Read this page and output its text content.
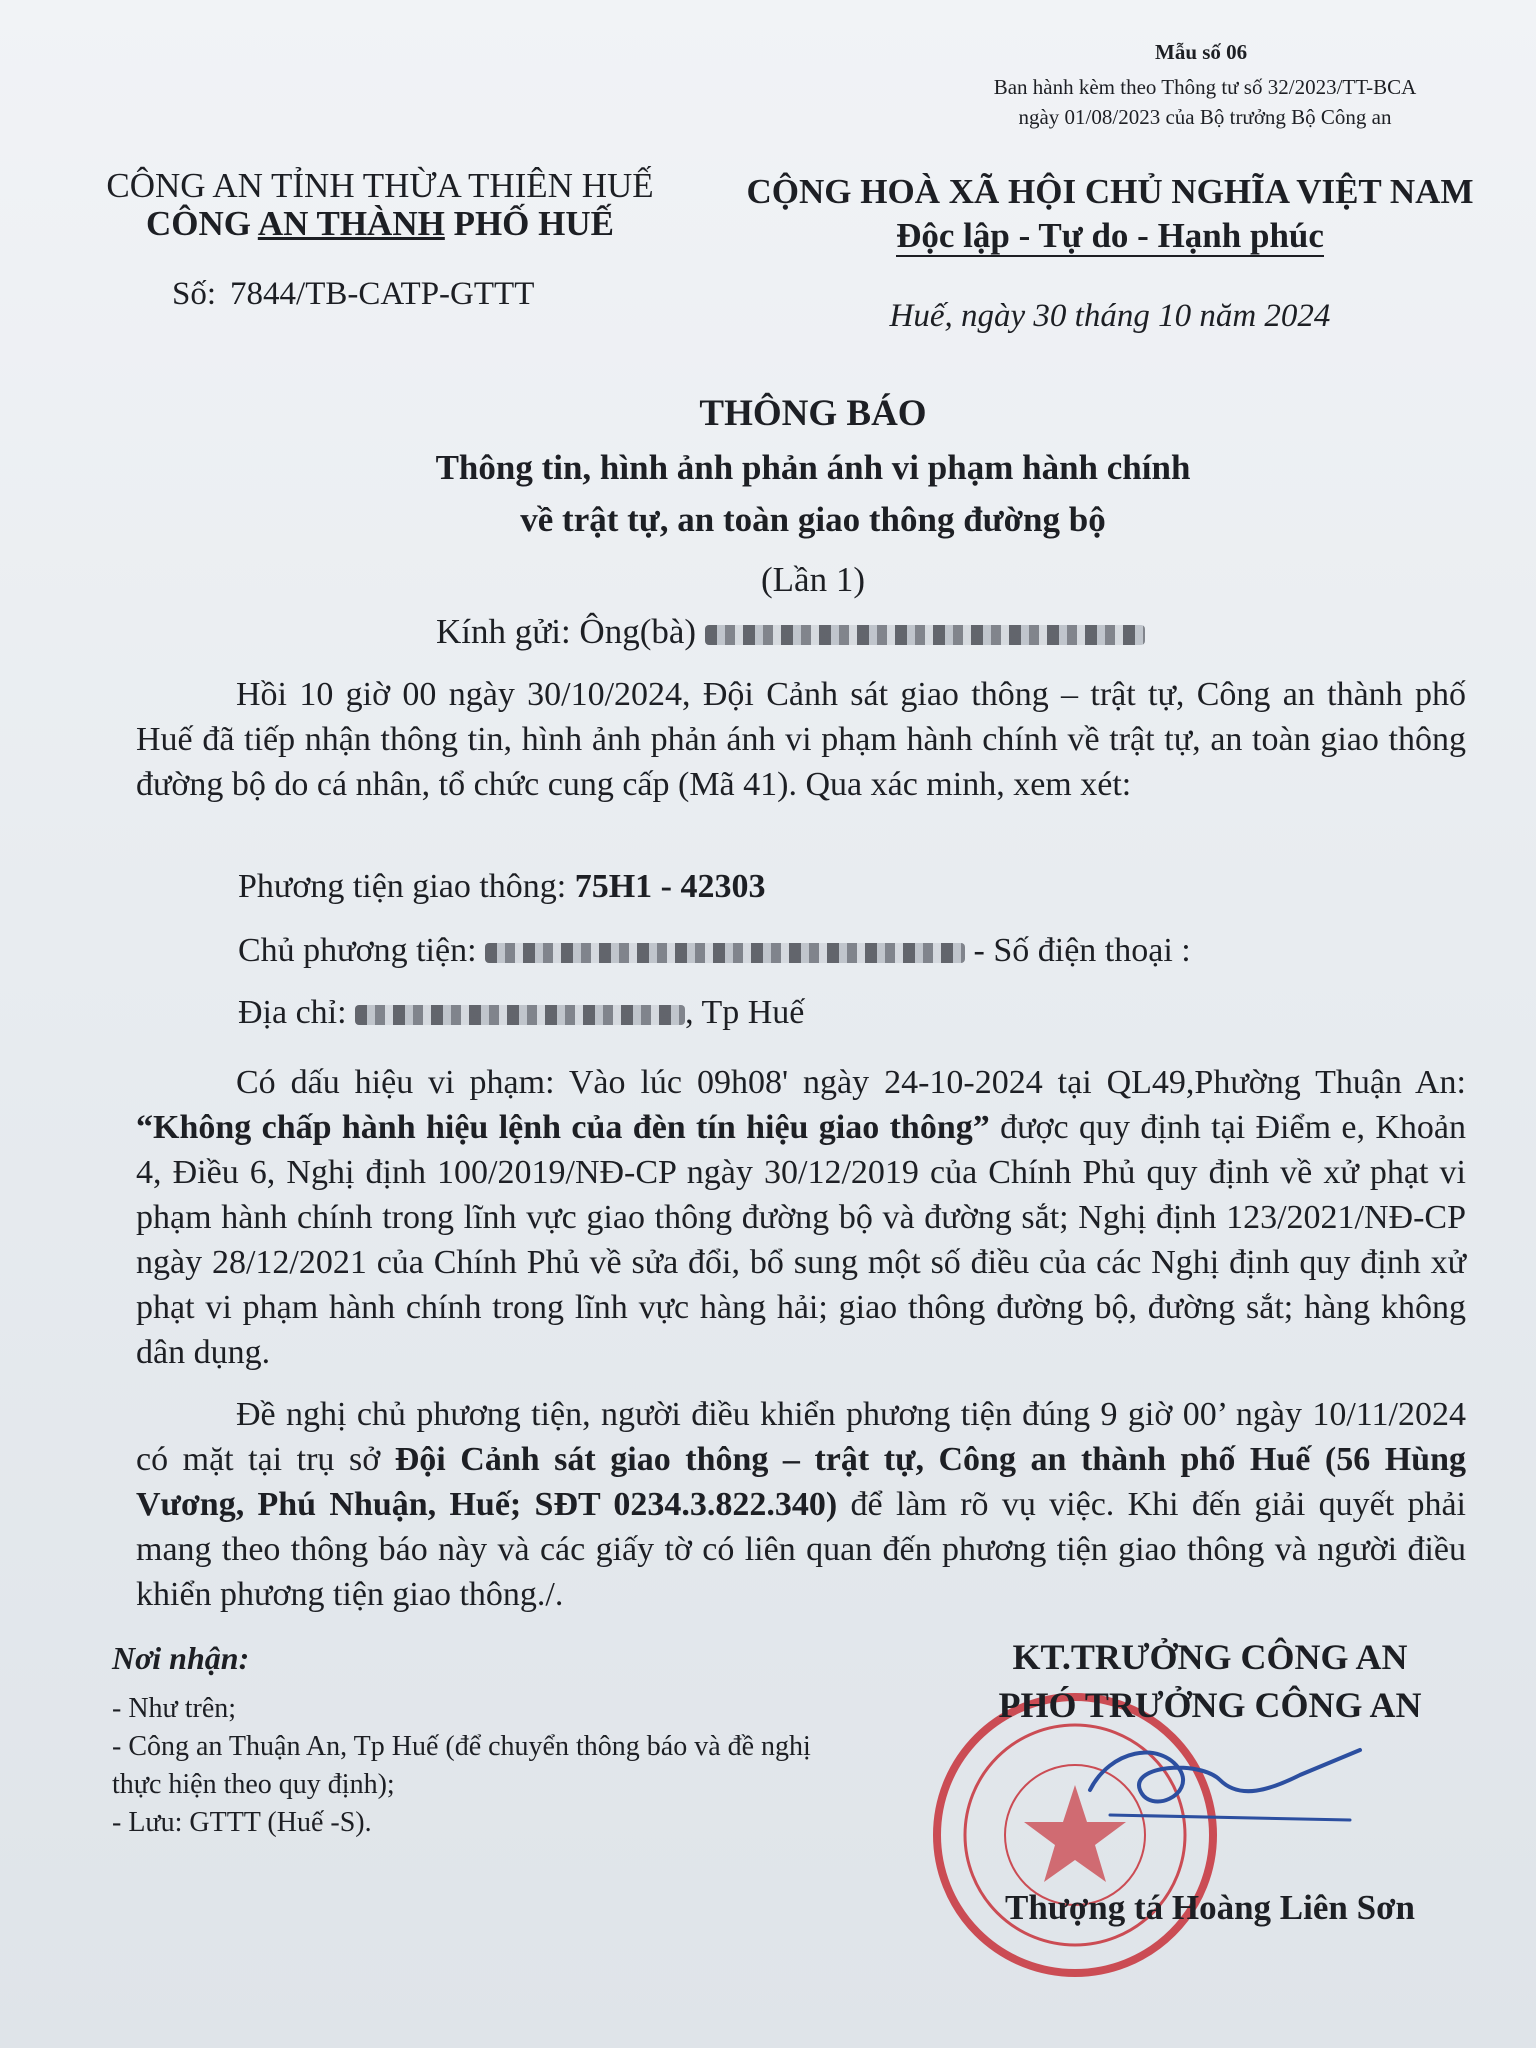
Mẫu số 06
Ban hành kèm theo Thông tư số 32/2023/TT-BCA
ngày 01/08/2023 của Bộ trưởng Bộ Công an
CÔNG AN TỈNH THỪA THIÊN HUẾ
CÔNG AN THÀNH PHỐ HUẾ
Số: 7844/TB-CATP-GTTT
CỘNG HOÀ XÃ HỘI CHỦ NGHĨA VIỆT NAM
Độc lập - Tự do - Hạnh phúc
Huế, ngày 30 tháng 10 năm 2024
THÔNG BÁO
Thông tin, hình ảnh phản ánh vi phạm hành chính
về trật tự, an toàn giao thông đường bộ
(Lần 1)
Kính gửi: Ông(bà)
Hồi 10 giờ 00 ngày 30/10/2024, Đội Cảnh sát giao thông – trật tự, Công an thành phố Huế đã tiếp nhận thông tin, hình ảnh phản ánh vi phạm hành chính về trật tự, an toàn giao thông đường bộ do cá nhân, tổ chức cung cấp (Mã 41). Qua xác minh, xem xét:
Phương tiện giao thông: 75H1 - 42303
Chủ phương tiện:	- Số điện thoại :
Địa chỉ:	, Tp Huế
Có dấu hiệu vi phạm: Vào lúc 09h08' ngày 24-10-2024 tại QL49,Phường Thuận An: “Không chấp hành hiệu lệnh của đèn tín hiệu giao thông” được quy định tại Điểm e, Khoản 4, Điều 6, Nghị định 100/2019/NĐ-CP ngày 30/12/2019 của Chính Phủ quy định về xử phạt vi phạm hành chính trong lĩnh vực giao thông đường bộ và đường sắt; Nghị định 123/2021/NĐ-CP ngày 28/12/2021 của Chính Phủ về sửa đổi, bổ sung một số điều của các Nghị định quy định xử phạt vi phạm hành chính trong lĩnh vực hàng hải; giao thông đường bộ, đường sắt; hàng không dân dụng.
Đề nghị chủ phương tiện, người điều khiển phương tiện đúng 9 giờ 00’ ngày 10/11/2024 có mặt tại trụ sở Đội Cảnh sát giao thông – trật tự, Công an thành phố Huế (56 Hùng Vương, Phú Nhuận, Huế; SĐT 0234.3.822.340) để làm rõ vụ việc. Khi đến giải quyết phải mang theo thông báo này và các giấy tờ có liên quan đến phương tiện giao thông và người điều khiển phương tiện giao thông./.
Nơi nhận:
- Như trên;
- Công an Thuận An, Tp Huế (để chuyển thông báo và đề nghị thực hiện theo quy định);
- Lưu: GTTT (Huế -S).
KT.TRƯỞNG CÔNG AN
PHÓ TRƯỞNG CÔNG AN
Thượng tá Hoàng Liên Sơn
